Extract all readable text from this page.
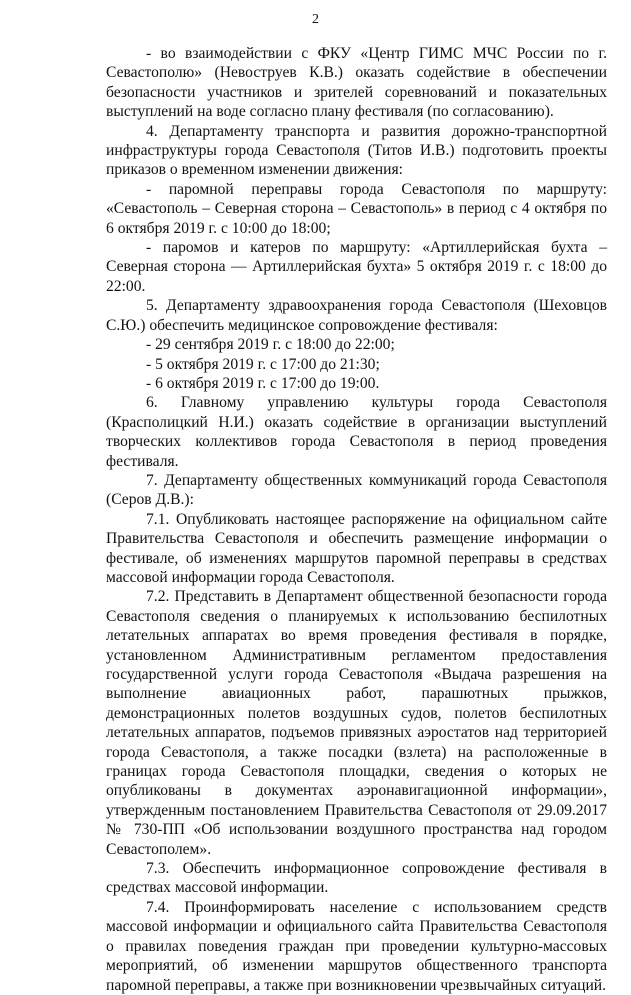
2

- во взаимодействии с ФКУ «Центр ГИМС МЧС России по г. Севастополю» (Невоструев К.В.) оказать содействие в обеспечении безопасности участников и зрителей соревнований и показательных выступлений на воде согласно плану фестиваля (по согласованию).

4. Департаменту транспорта и развития дорожно-транспортной инфраструктуры города Севастополя (Титов И.В.) подготовить проекты приказов о временном изменении движения:

- паромной переправы города Севастополя по маршруту: «Севастополь – Северная сторона – Севастополь» в период с 4 октября по 6 октября 2019 г. с 10:00 до 18:00;

- паромов и катеров по маршруту: «Артиллерийская бухта – Северная сторона — Артиллерийская бухта» 5 октября 2019 г. с 18:00 до 22:00.

5. Департаменту здравоохранения города Севастополя (Шеховцов С.Ю.) обеспечить медицинское сопровождение фестиваля:

- 29 сентября 2019 г. с 18:00 до 22:00;

- 5 октября 2019 г. с 17:00 до 21:30;

- 6 октября 2019 г. с 17:00 до 19:00.

6. Главному управлению культуры города Севастополя (Красполицкий Н.И.) оказать содействие в организации выступлений творческих коллективов города Севастополя в период проведения фестиваля.

7. Департаменту общественных коммуникаций города Севастополя (Серов Д.В.):

7.1. Опубликовать настоящее распоряжение на официальном сайте Правительства Севастополя и обеспечить размещение информации о фестивале, об изменениях маршрутов паромной переправы в средствах массовой информации города Севастополя.

7.2. Представить в Департамент общественной безопасности города Севастополя сведения о планируемых к использованию беспилотных летательных аппаратах во время проведения фестиваля в порядке, установленном Административным регламентом предоставления государственной услуги города Севастополя «Выдача разрешения на выполнение авиационных работ, парашютных прыжков, демонстрационных полетов воздушных судов, полетов беспилотных летательных аппаратов, подъемов привязных аэростатов над территорией города Севастополя, а также посадки (взлета) на расположенные в границах города Севастополя площадки, сведения о которых не опубликованы в документах аэронавигационной информации», утвержденным постановлением Правительства Севастополя от 29.09.2017 № 730-ПП «Об использовании воздушного пространства над городом Севастополем».

7.3. Обеспечить информационное сопровождение фестиваля в средствах массовой информации.

7.4. Проинформировать население с использованием средств массовой информации и официального сайта Правительства Севастополя о правилах поведения граждан при проведении культурно-массовых мероприятий, об изменении маршрутов общественного транспорта паромной переправы, а также при возникновении чрезвычайных ситуаций.
